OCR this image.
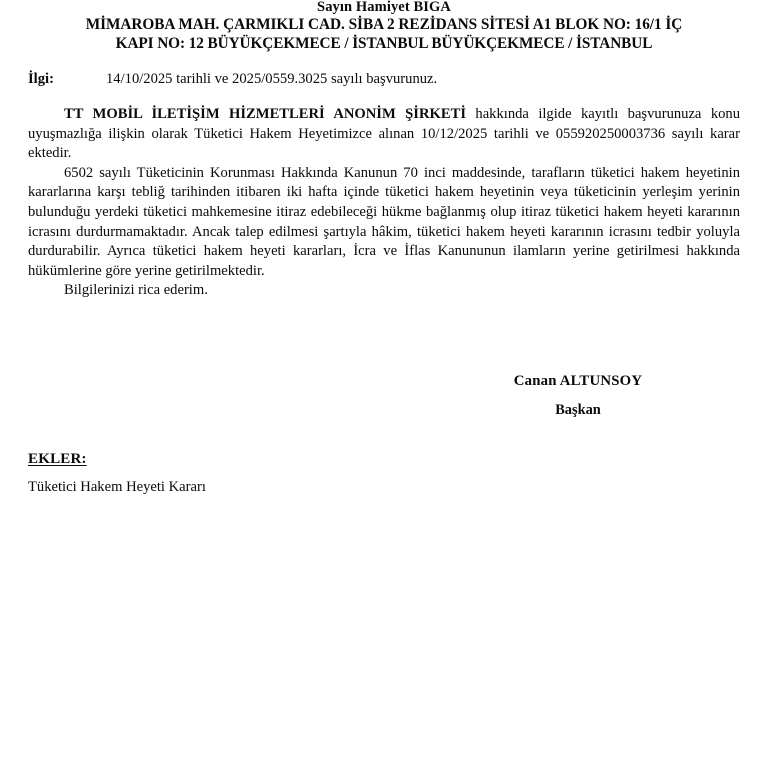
Sayın Hamiyet BIGA
MİMAROBA MAH. ÇARMIKLI CAD. SİBA 2 REZİDANS SİTESİ A1 BLOK NO: 16/1 İÇ
KAPI NO: 12 BÜYÜKÇEKMECE / İSTANBUL BÜYÜKÇEKMECE / İSTANBUL
İlgi:	14/10/2025 tarihli ve 2025/0559.3025 sayılı başvurunuz.

TT MOBİL İLETİŞİM HİZMETLERİ ANONİM ŞİRKETİ hakkında ilgide kayıtlı başvurunuza konu uyuşmazlığa ilişkin olarak Tüketici Hakem Heyetimizce alınan 10/12/2025 tarihli ve 055920250003736 sayılı karar ektedir.

6502 sayılı Tüketicinin Korunması Hakkında Kanunun 70 inci maddesinde, tarafların tüketici hakem heyetinin kararlarına karşı tebliğ tarihinden itibaren iki hafta içinde tüketici hakem heyetinin veya tüketicinin yerleşim yerinin bulunduğu yerdeki tüketici mahkemesine itiraz edebileceği hükme bağlanmış olup itiraz tüketici hakem heyeti kararının icrasını durdurmamaktadır. Ancak talep edilmesi şartıyla hâkim, tüketici hakem heyeti kararının icrasını tedbir yoluyla durdurabilir. Ayrıca tüketici hakem heyeti kararları, İcra ve İflas Kanununun ilamların yerine getirilmesi hakkında hükümlerine göre yerine getirilmektedir.

Bilgilerinizi rica ederim.

Canan ALTUNSOY

Başkan

EKLER:

Tüketici Hakem Heyeti Kararı
